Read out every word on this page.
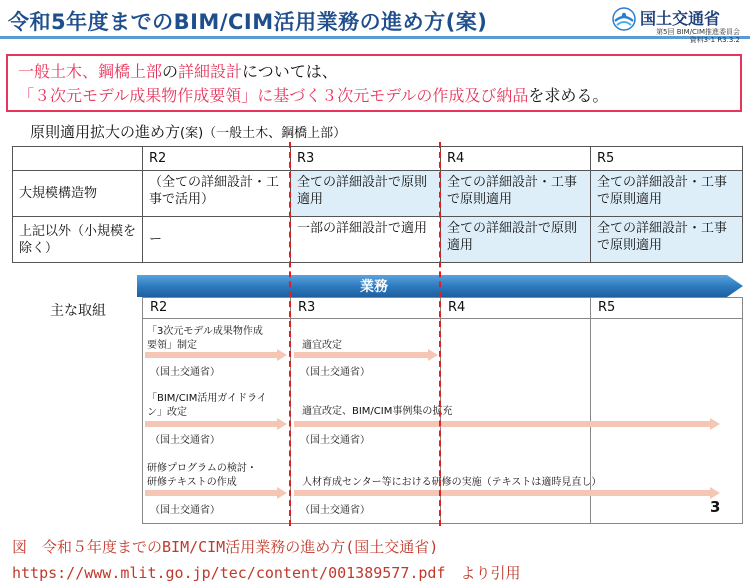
令和5年度までのBIM/CIM活用業務の進め方(案)	国土交通省
第5回 BIM/CIM推進委員会
資料3-1 R3.3.2

一般土木、鋼橋上部の詳細設計については、

「３次元モデル成果物作成要領」に基づく３次元モデルの作成及び納品を求める。

原則適用拡大の進め方(案)（一般土木、鋼橋上部）
	R2	R3	R4	R5
大規模構造物	（全ての詳細設計・工事で活用）	全ての詳細設計で原則適用	全ての詳細設計・工事で原則適用	全ての詳細設計・工事で原則適用
上記以外（小規模を除く）	ー	一部の詳細設計で適用	全ての詳細設計で原則適用	全ての詳細設計・工事で原則適用
業務
主な取組	R2	R3	R4	R5
「3次元モデル成果物作成
要領」制定
（国土交通省）
適宜改定
（国土交通省）
「BIM/CIM活用ガイドライ
ン」改定
（国土交通省）
適宜改定、BIM/CIM事例集の拡充
（国土交通省）
研修プログラムの検討・
研修テキストの作成
（国土交通省）
人材育成センター等における研修の実施（テキストは適時見直し）
（国土交通省）	3
図　令和５年度までのBIM/CIM活用業務の進め方(国土交通省)
https://www.mlit.go.jp/tec/content/001389577.pdf　より引用
